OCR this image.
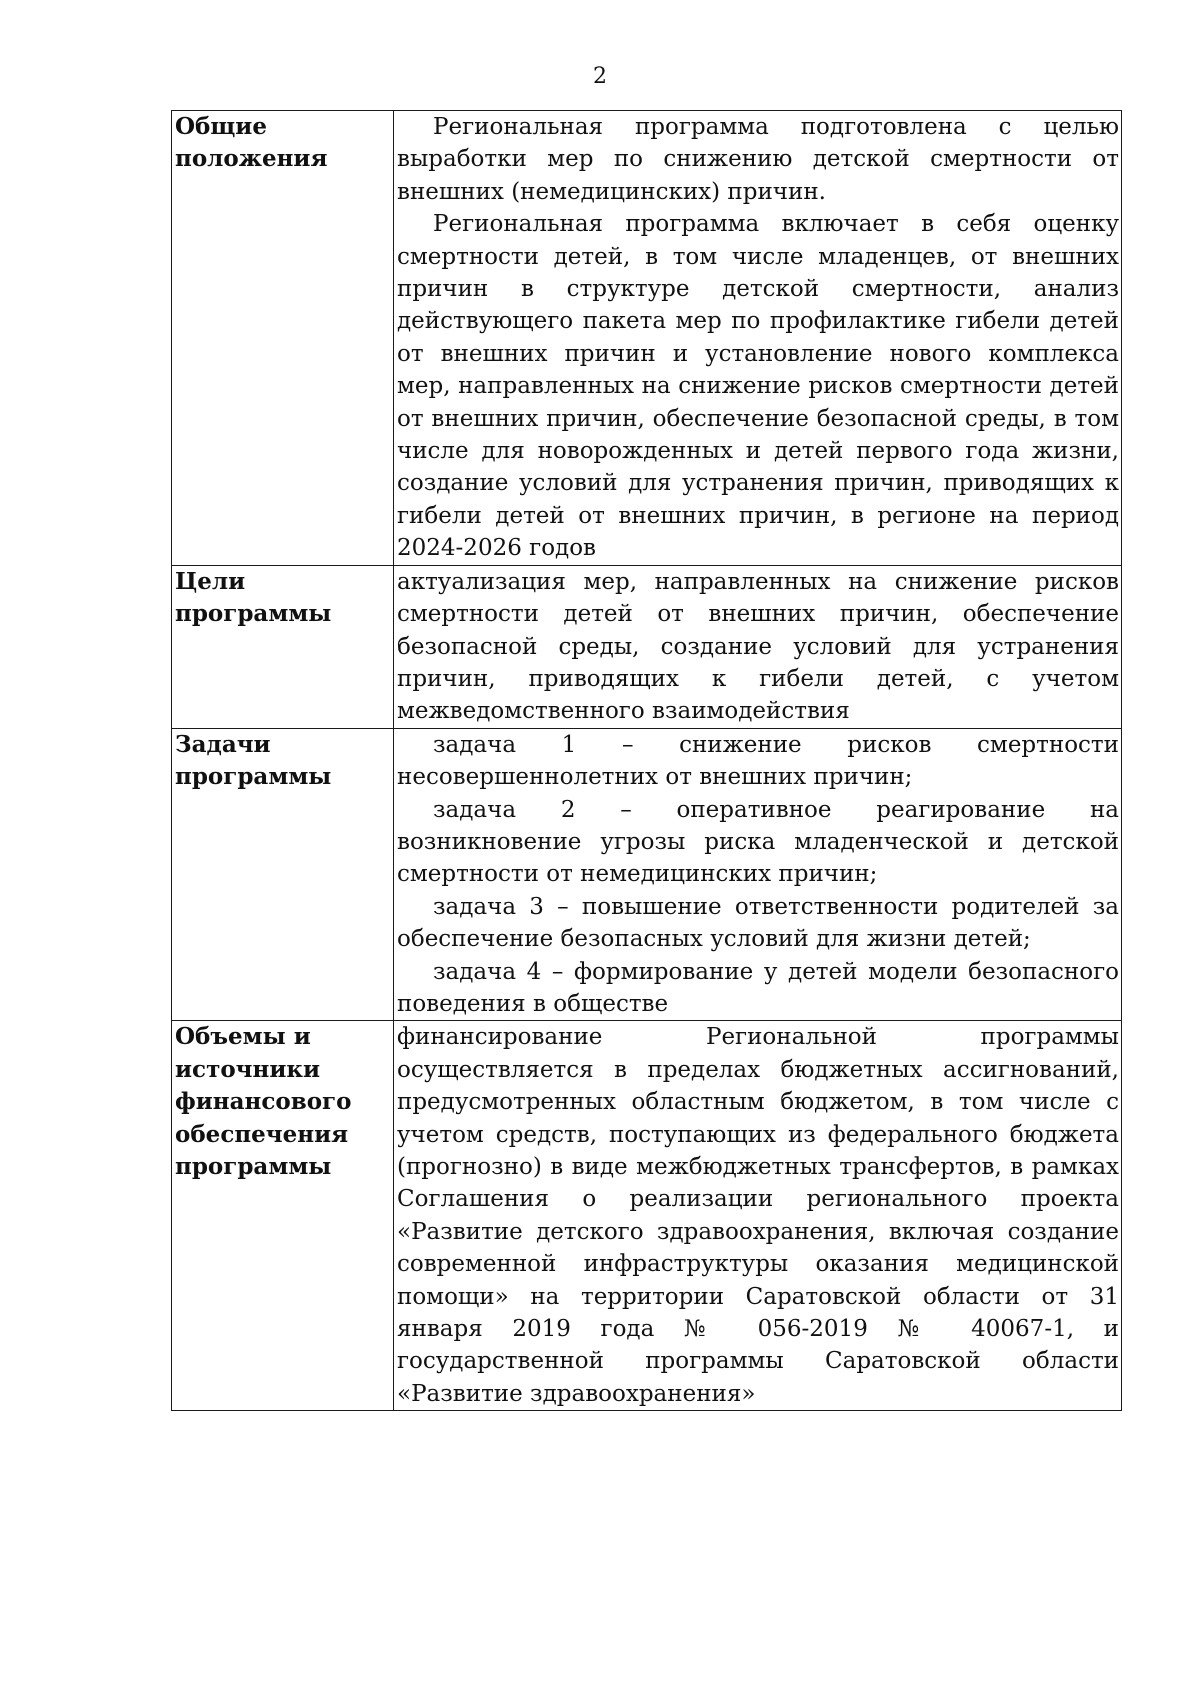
2
Общие положения	Региональная программа подготовлена с целью выработки мер по снижению детской смертности от внешних (немедицинских) причин.

Региональная программа включает в себя оценку смертности детей, в том числе младенцев, от внешних причин в структуре детской смертности, анализ действующего пакета мер по профилактике гибели детей от внешних причин и установление нового комплекса мер, направленных на снижение рисков смертности детей от внешних причин, обеспечение безопасной среды, в том числе для новорожденных и детей первого года жизни, создание условий для устранения причин, приводящих к гибели детей от внешних причин, в регионе на период 2024-2026 годов

Цели программы	актуализация мер, направленных на снижение рисков смертности детей от внешних причин, обеспечение безопасной среды, создание условий для устранения причин, приводящих к гибели детей, с учетом межведомственного взаимодействия

Задачи программы	задача 1 – снижение рисков смертности несовершеннолетних от внешних причин;

задача 2 – оперативное реагирование на возникновение угрозы риска младенческой и детской смертности от немедицинских причин;

задача 3 – повышение ответственности родителей за обеспечение безопасных условий для жизни детей;

задача 4 – формирование у детей модели безопасного поведения в обществе

Объемы и источники финансового обеспечения программы	финансирование Региональной программы осуществляется в пределах бюджетных ассигнований, предусмотренных областным бюджетом, в том числе с учетом средств, поступающих из федерального бюджета (прогнозно) в виде межбюджетных трансфертов, в рамках Соглашения о реализации регионального проекта «Развитие детского здравоохранения, включая создание современной инфраструктуры оказания медицинской помощи» на территории Саратовской области от 31 января 2019 года № 056-2019 № 40067-1, и государственной программы Саратовской области «Развитие здравоохранения»
